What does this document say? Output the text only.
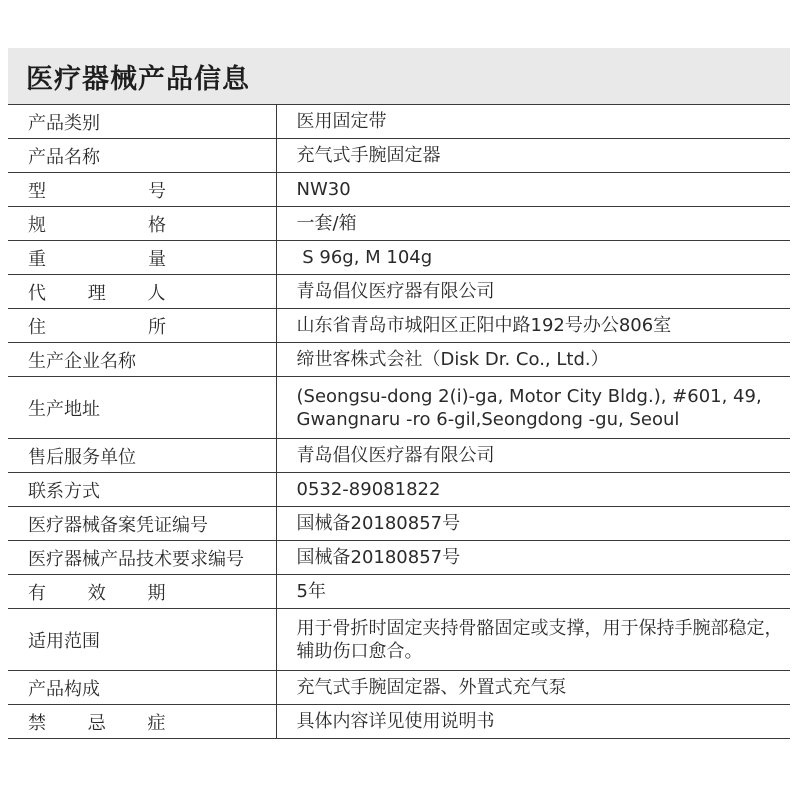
医疗器械产品信息
产品类别	医用固定带
产品名称	充气式手腕固定器
型　号	NW30
规　格	一套/箱
重　量	S 96g, M 104g
代 理 人	青岛倡仪医疗器有限公司
住　所	山东省青岛市城阳区正阳中路192号办公806室
生产企业名称	缔世客株式会社（Disk Dr. Co., Ltd.）
生产地址	(Seongsu-dong 2(i)-ga, Motor City Bldg.), #601, 49, Gwangnaru -ro 6-gil,Seongdong -gu, Seoul
售后服务单位	青岛倡仪医疗器有限公司
联系方式	0532-89081822
医疗器械备案凭证编号	国械备20180857号
医疗器械产品技术要求编号	国械备20180857号
有 效 期	5年
适用范围	用于骨折时固定夹持骨骼固定或支撑，用于保持手腕部稳定，辅助伤口愈合。
产品构成	充气式手腕固定器、外置式充气泵
禁 忌 症	具体内容详见使用说明书
